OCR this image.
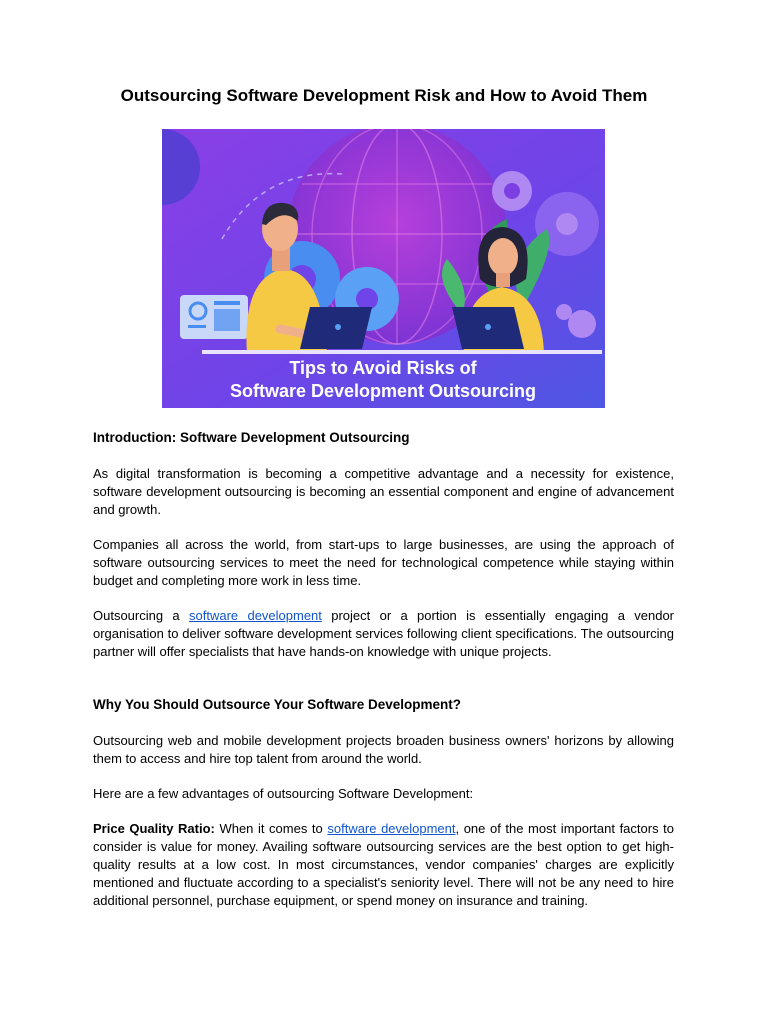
Outsourcing Software Development Risk and How to Avoid Them
Tips to Avoid Risks of
Software Development Outsourcing

Introduction: Software Development Outsourcing

As digital transformation is becoming a competitive advantage and a necessity for existence, software development outsourcing is becoming an essential component and engine of advancement and growth.

Companies all across the world, from start-ups to large businesses, are using the approach of software outsourcing services to meet the need for technological competence while staying within budget and completing more work in less time.

Outsourcing a software development project or a portion is essentially engaging a vendor organisation to deliver software development services following client specifications. The outsourcing partner will offer specialists that have hands-on knowledge with unique projects.

Why You Should Outsource Your Software Development?

Outsourcing web and mobile development projects broaden business owners' horizons by allowing them to access and hire top talent from around the world.

Here are a few advantages of outsourcing Software Development:

Price Quality Ratio: When it comes to software development, one of the most important factors to consider is value for money. Availing software outsourcing services are the best option to get high-quality results at a low cost. In most circumstances, vendor companies' charges are explicitly mentioned and fluctuate according to a specialist's seniority level. There will not be any need to hire additional personnel, purchase equipment, or spend money on insurance and training.
